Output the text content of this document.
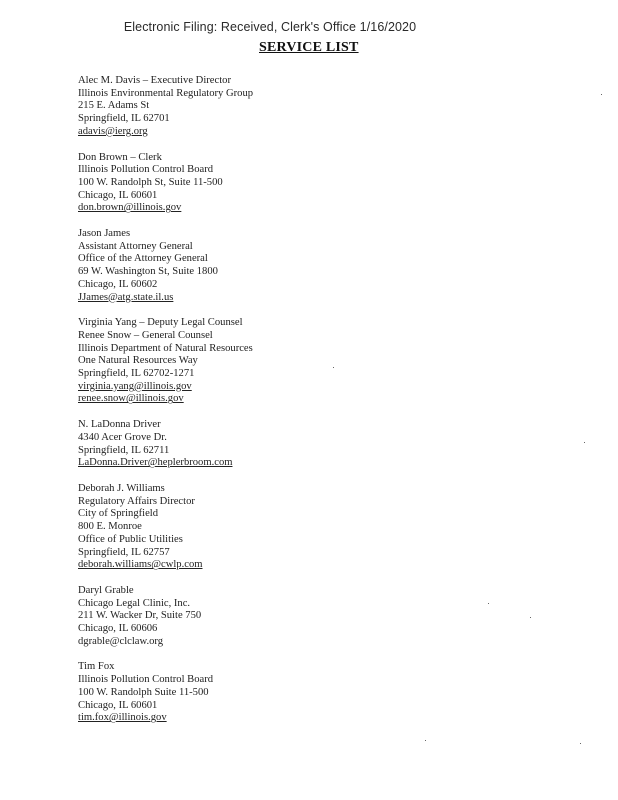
Electronic Filing: Received, Clerk's Office 1/16/2020
SERVICE LIST
Alec M. Davis – Executive Director
Illinois Environmental Regulatory Group
215 E. Adams St
Springfield, IL 62701
adavis@ierg.org
Don Brown – Clerk
Illinois Pollution Control Board
100 W. Randolph St, Suite 11-500
Chicago, IL 60601
don.brown@illinois.gov
Jason James
Assistant Attorney General
Office of the Attorney General
69 W. Washington St, Suite 1800
Chicago, IL 60602
JJames@atg.state.il.us
Virginia Yang – Deputy Legal Counsel
Renee Snow – General Counsel
Illinois Department of Natural Resources
One Natural Resources Way
Springfield, IL 62702-1271
virginia.yang@illinois.gov
renee.snow@illinois.gov
N. LaDonna Driver
4340 Acer Grove Dr.
Springfield, IL 62711
LaDonna.Driver@heplerbroom.com
Deborah J. Williams
Regulatory Affairs Director
City of Springfield
800 E. Monroe
Office of Public Utilities
Springfield, IL 62757
deborah.williams@cwlp.com
Daryl Grable
Chicago Legal Clinic, Inc.
211 W. Wacker Dr, Suite 750
Chicago, IL 60606
dgrable@clclaw.org
Tim Fox
Illinois Pollution Control Board
100 W. Randolph Suite 11-500
Chicago, IL 60601
tim.fox@illinois.gov
